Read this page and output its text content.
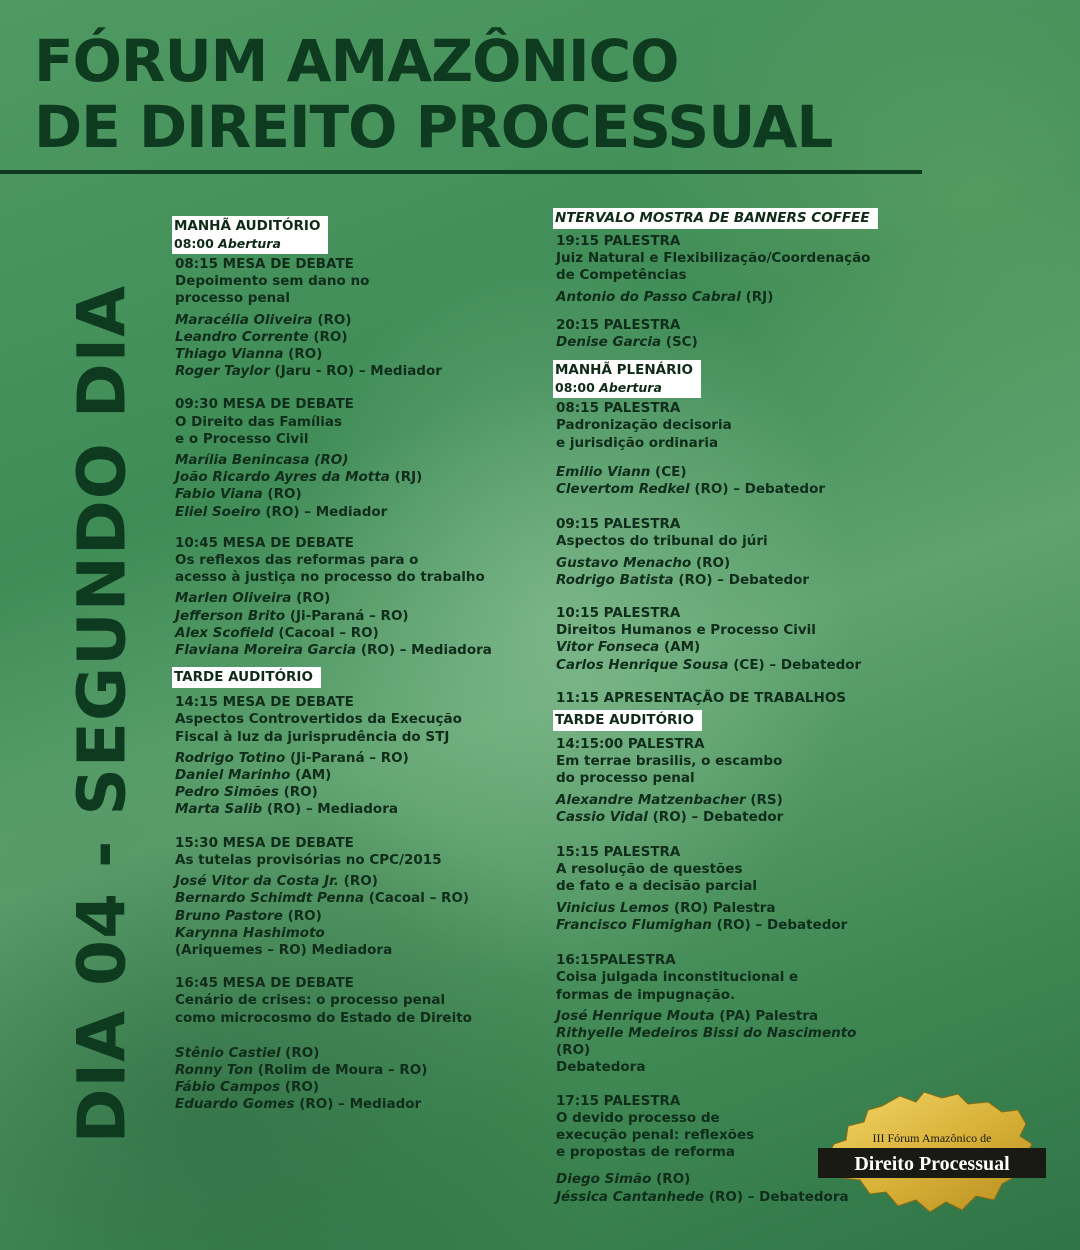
FÓRUM AMAZÔNICO
DE DIREITO PROCESSUAL
DIA 04 - SEGUNDO DIA
MANHÃ AUDITÓRIO
08:00 Abertura
08:15 MESA DE DEBATE
Depoimento sem dano no
processo penal
Maracélia Oliveira (RO)
Leandro Corrente (RO)
Thiago Vianna (RO)
Roger Taylor (Jaru - RO) – Mediador
09:30 MESA DE DEBATE
O Direito das Famílias
e o Processo Civil
Marília Benincasa (RO)
João Ricardo Ayres da Motta (RJ)
Fabio Viana (RO)
Eliel Soeiro (RO) – Mediador
10:45 MESA DE DEBATE
Os reflexos das reformas para o
acesso à justiça no processo do trabalho
Marlen Oliveira (RO)
Jefferson Brito (Ji-Paraná – RO)
Alex Scofield (Cacoal – RO)
Flaviana Moreira Garcia (RO) – Mediadora
TARDE AUDITÓRIO
14:15 MESA DE DEBATE
Aspectos Controvertidos da Execução
Fiscal à luz da jurisprudência do STJ
Rodrigo Totino (Ji-Paraná – RO)
Daniel Marinho (AM)
Pedro Simões (RO)
Marta Salib (RO) – Mediadora
15:30 MESA DE DEBATE
As tutelas provisórias no CPC/2015
José Vitor da Costa Jr. (RO)
Bernardo Schimdt Penna (Cacoal – RO)
Bruno Pastore (RO)
Karynna Hashimoto
(Ariquemes – RO) Mediadora
16:45 MESA DE DEBATE
Cenário de crises: o processo penal
como microcosmo do Estado de Direito
Stênio Castiel (RO)
Ronny Ton (Rolim de Moura – RO)
Fábio Campos (RO)
Eduardo Gomes (RO) – Mediador
NTERVALO MOSTRA DE BANNERS COFFEE
19:15 PALESTRA
Juiz Natural e Flexibilização/Coordenação
de Competências
Antonio do Passo Cabral (RJ)
20:15 PALESTRA
Denise Garcia (SC)
MANHÃ PLENÁRIO
08:00 Abertura
08:15 PALESTRA
Padronização decisoria
e jurisdição ordinaria
Emilio Viann (CE)
Clevertom Redkel (RO) – Debatedor
09:15 PALESTRA
Aspectos do tribunal do júri
Gustavo Menacho (RO)
Rodrigo Batista (RO) – Debatedor
10:15 PALESTRA
Direitos Humanos e Processo Civil
Vitor Fonseca (AM)
Carlos Henrique Sousa (CE) – Debatedor
11:15 APRESENTAÇÃO DE TRABALHOS
TARDE AUDITÓRIO
14:15:00 PALESTRA
Em terrae brasilis, o escambo
do processo penal
Alexandre Matzenbacher (RS)
Cassio Vidal (RO) – Debatedor
15:15 PALESTRA
A resolução de questões
de fato e a decisão parcial
Vinicius Lemos (RO) Palestra
Francisco Flumighan (RO) – Debatedor
16:15PALESTRA
Coisa julgada inconstitucional e
formas de impugnação.
José Henrique Mouta (PA) Palestra
Rithyelle Medeiros Bissi do Nascimento (RO)
Debatedora
17:15 PALESTRA
O devido processo de
execução penal: reflexões
e propostas de reforma
Diego Simão (RO)
Jéssica Cantanhede (RO) – Debatedora
III Fórum Amazônico de
Direito Processual
